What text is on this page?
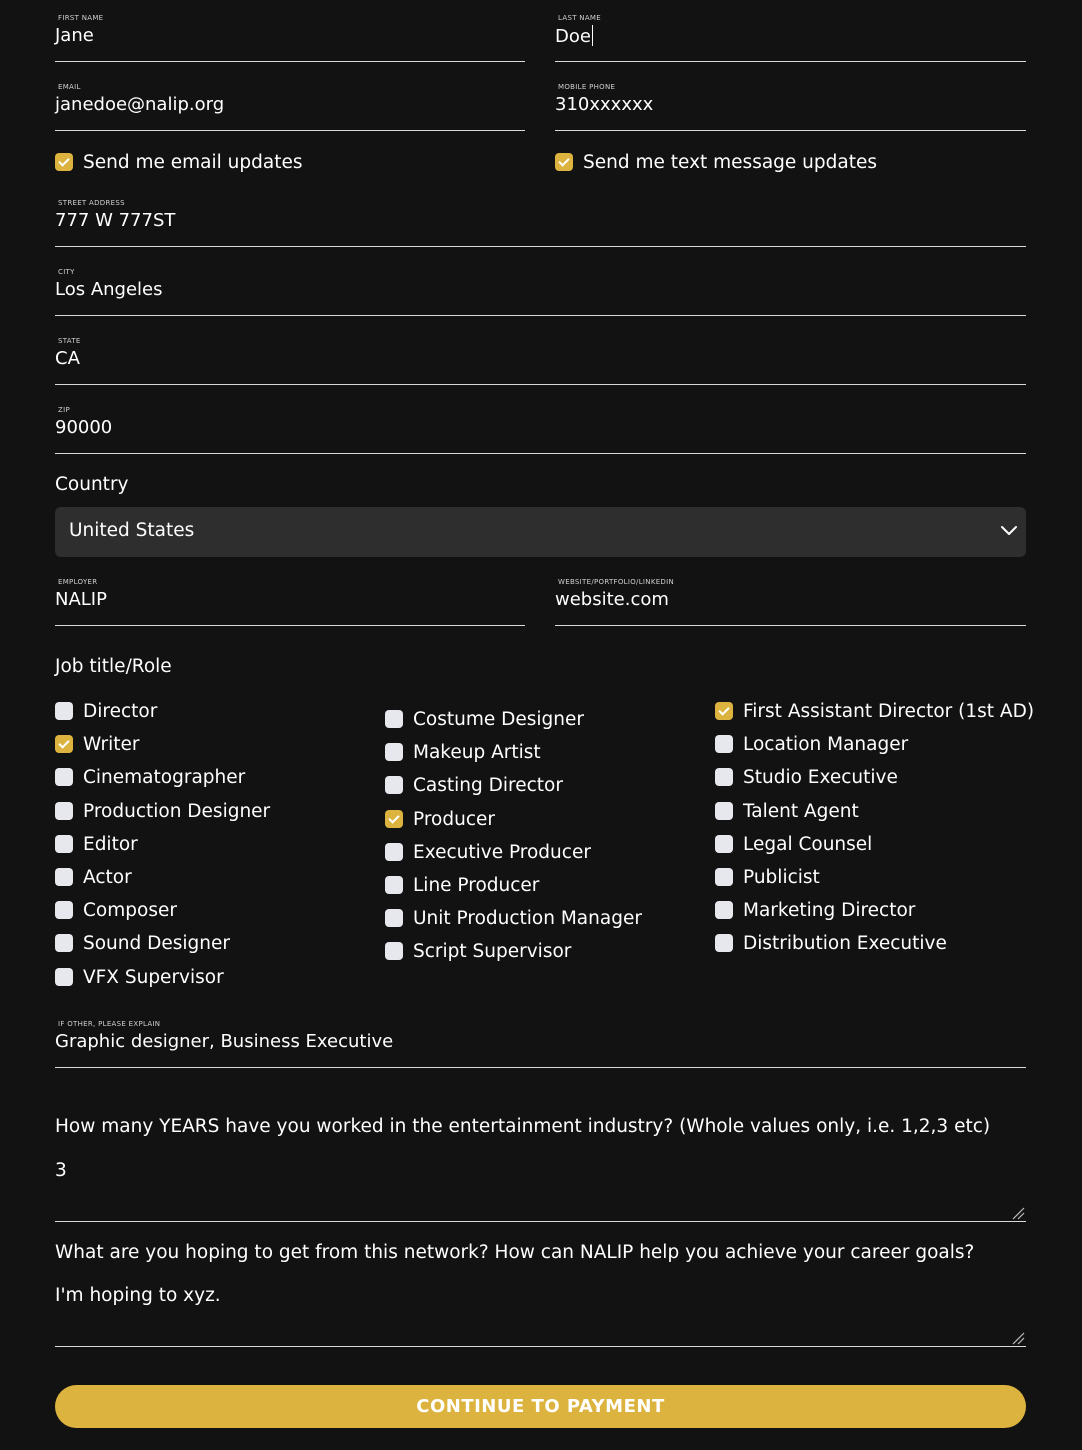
FIRST NAME
Jane
LAST NAME
Doe
EMAIL
janedoe@nalip.org
MOBILE PHONE
310xxxxxx
Send me email updates	Send me text message updates
STREET ADDRESS
777 W 777ST
CITY
Los Angeles
STATE
CA
ZIP
90000
Country
United States
EMPLOYER
NALIP
WEBSITE/PORTFOLIO/LINKEDIN
website.com
Job title/Role
Director
Writer
Cinematographer
Production Designer
Editor
Actor
Composer
Sound Designer
VFX Supervisor
Costume Designer
Makeup Artist
Casting Director
Producer
Executive Producer
Line Producer
Unit Production Manager
Script Supervisor
First Assistant Director (1st AD)
Location Manager
Studio Executive
Talent Agent
Legal Counsel
Publicist
Marketing Director
Distribution Executive
IF OTHER, PLEASE EXPLAIN
Graphic designer, Business Executive
How many YEARS have you worked in the entertainment industry? (Whole values only, i.e. 1,2,3 etc)
3
What are you hoping to get from this network? How can NALIP help you achieve your career goals?
I'm hoping to xyz.
CONTINUE TO PAYMENT
